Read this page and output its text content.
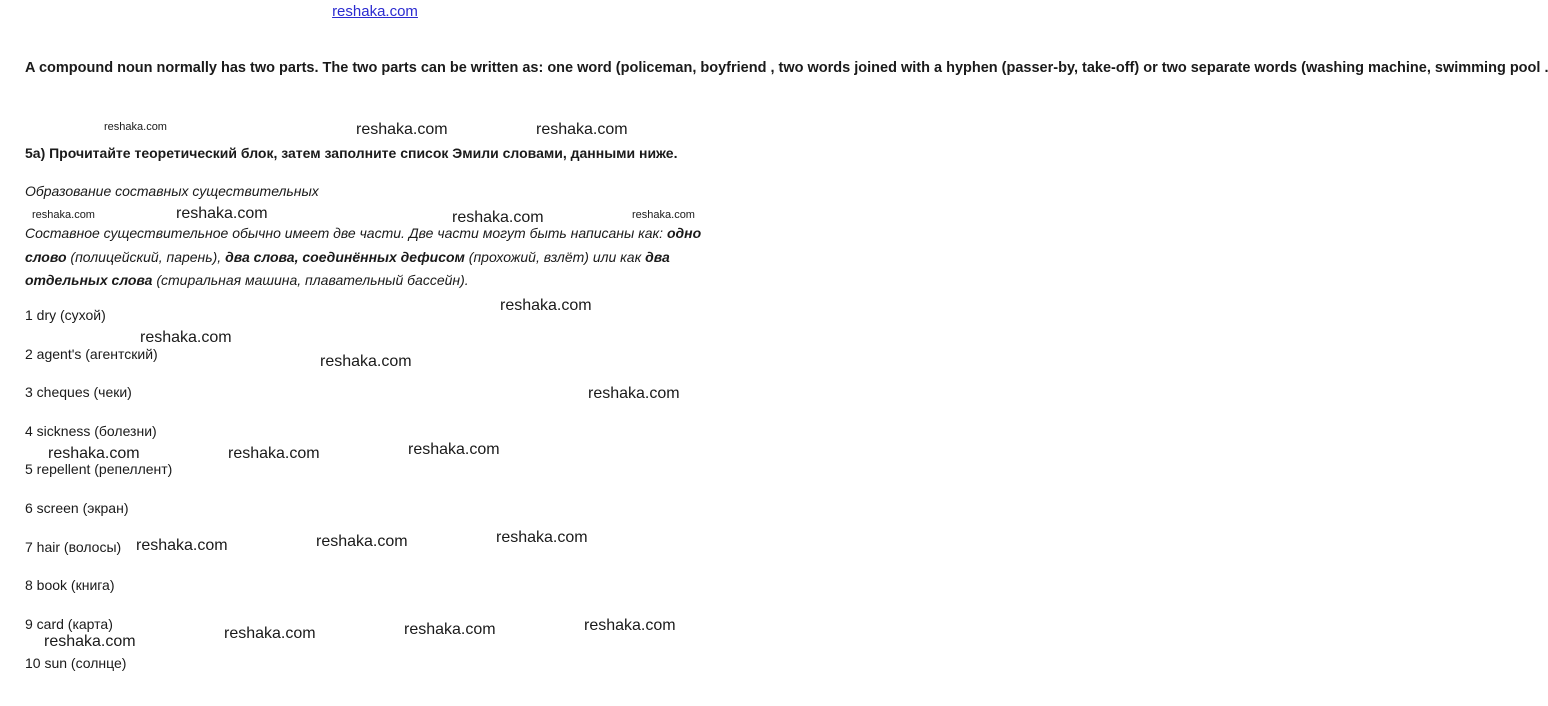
reshaka.com
A compound noun normally has two parts. The two parts can be written as: one word (policeman, boyfriend , two words joined with a hyphen (passer-by, take-off) or two separate words (washing machine, swimming pool .
5a) Прочитайте теоретический блок, затем заполните список Эмили словами, данными ниже.
Образование составных существительных
Составное существительное обычно имеет две части. Две части могут быть написаны как: одно слово (полицейский, парень), два слова, соединённых дефисом (прохожий, взлёт) или как два отдельных слова (стиральная машина, плавательный бассейн).
1 dry (сухой)
2 agent's (агентский)
3 cheques (чеки)
4 sickness (болезни)
5 repellent (репеллент)
6 screen (экран)
7 hair (волосы)
8 book (книга)
9 card (карта)
10 sun (солнце)
reshaka.com	reshaka.com	reshaka.com
reshaka.com	reshaka.com	reshaka.com	reshaka.com
reshaka.com
reshaka.com
reshaka.com
reshaka.com
reshaka.com	reshaka.com	reshaka.com
reshaka.com	reshaka.com	reshaka.com
reshaka.com	reshaka.com	reshaka.com	reshaka.com
